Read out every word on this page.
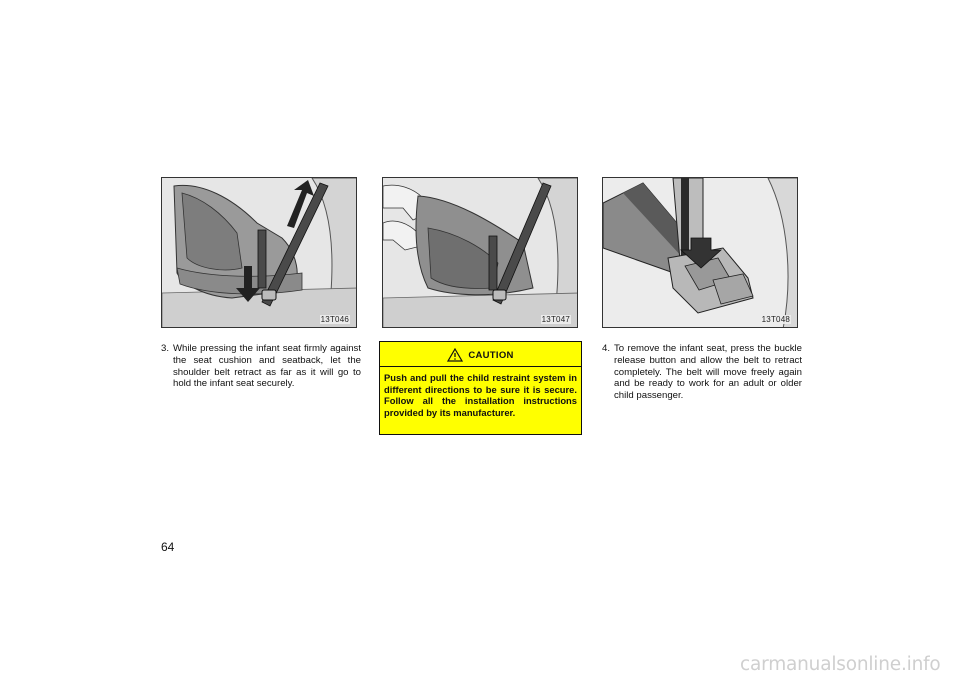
13T046	13T047	13T048

3. While pressing the infant seat firmly against the seat cushion and seatback, let the shoulder belt retract as far as it will go to hold the infant seat securely.

CAUTION

Push and pull the child restraint system in different directions to be sure it is secure. Follow all the installation instructions provided by its manufacturer.

4. To remove the infant seat, press the buckle release button and allow the belt to retract completely. The belt will move freely again and be ready to work for an adult or older child passenger.

64
carmanualsonline.info
